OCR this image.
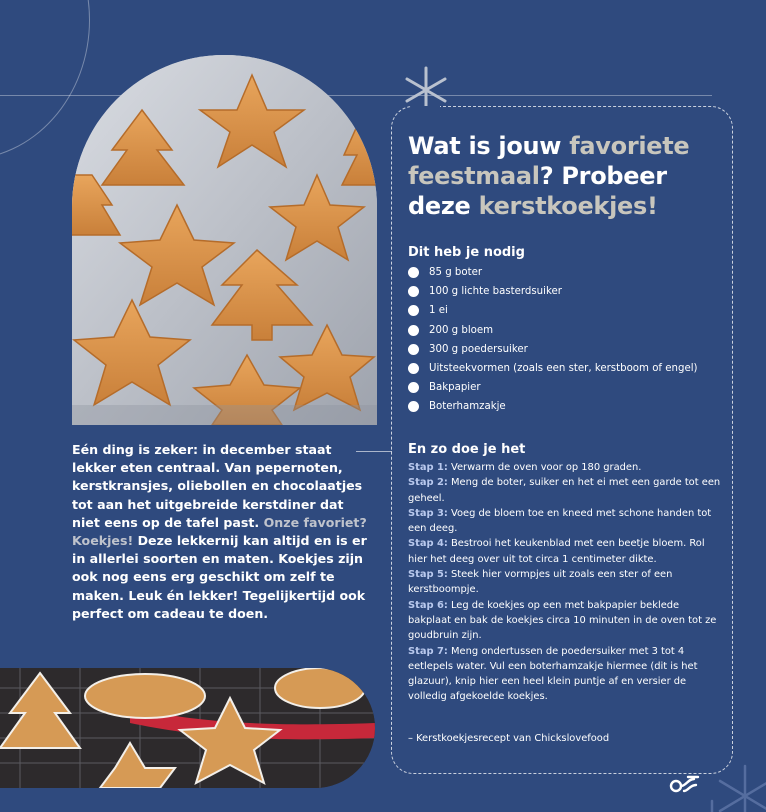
Eén ding is zeker: in december staat lekker eten centraal. Van pepernoten, kerstkransjes, oliebollen en chocolaatjes tot aan het uitgebreide kerstdiner dat niet eens op de tafel past. Onze favoriet? Koekjes! Deze lekkernij kan altijd en is er in allerlei soorten en maten. Koekjes zijn ook nog eens erg geschikt om zelf te maken. Leuk én lekker! Tegelijkertijd ook perfect om cadeau te doen.
Wat is jouw favoriete
feestmaal? Probeer
deze kerstkoekjes!
Dit heb je nodig
85 g boter
100 g lichte basterdsuiker
1 ei
200 g bloem
300 g poedersuiker
Uitsteekvormen (zoals een ster, kerstboom of engel)
Bakpapier
Boterhamzakje
En zo doe je het
Stap 1: Verwarm de oven voor op 180 graden.
Stap 2: Meng de boter, suiker en het ei met een garde tot een geheel.
Stap 3: Voeg de bloem toe en kneed met schone handen tot een deeg.
Stap 4: Bestrooi het keukenblad met een beetje bloem. Rol hier het deeg over uit tot circa 1 centimeter dikte.
Stap 5: Steek hier vormpjes uit zoals een ster of een kerstboompje.
Stap 6: Leg de koekjes op een met bakpapier beklede bakplaat en bak de koekjes circa 10 minuten in de oven tot ze goudbruin zijn.
Stap 7: Meng ondertussen de poedersuiker met 3 tot 4 eetlepels water. Vul een boterhamzakje hiermee (dit is het glazuur), knip hier een heel klein puntje af en versier de volledig afgekoelde koekjes.
– Kerstkoekjesrecept van Chickslovefood
